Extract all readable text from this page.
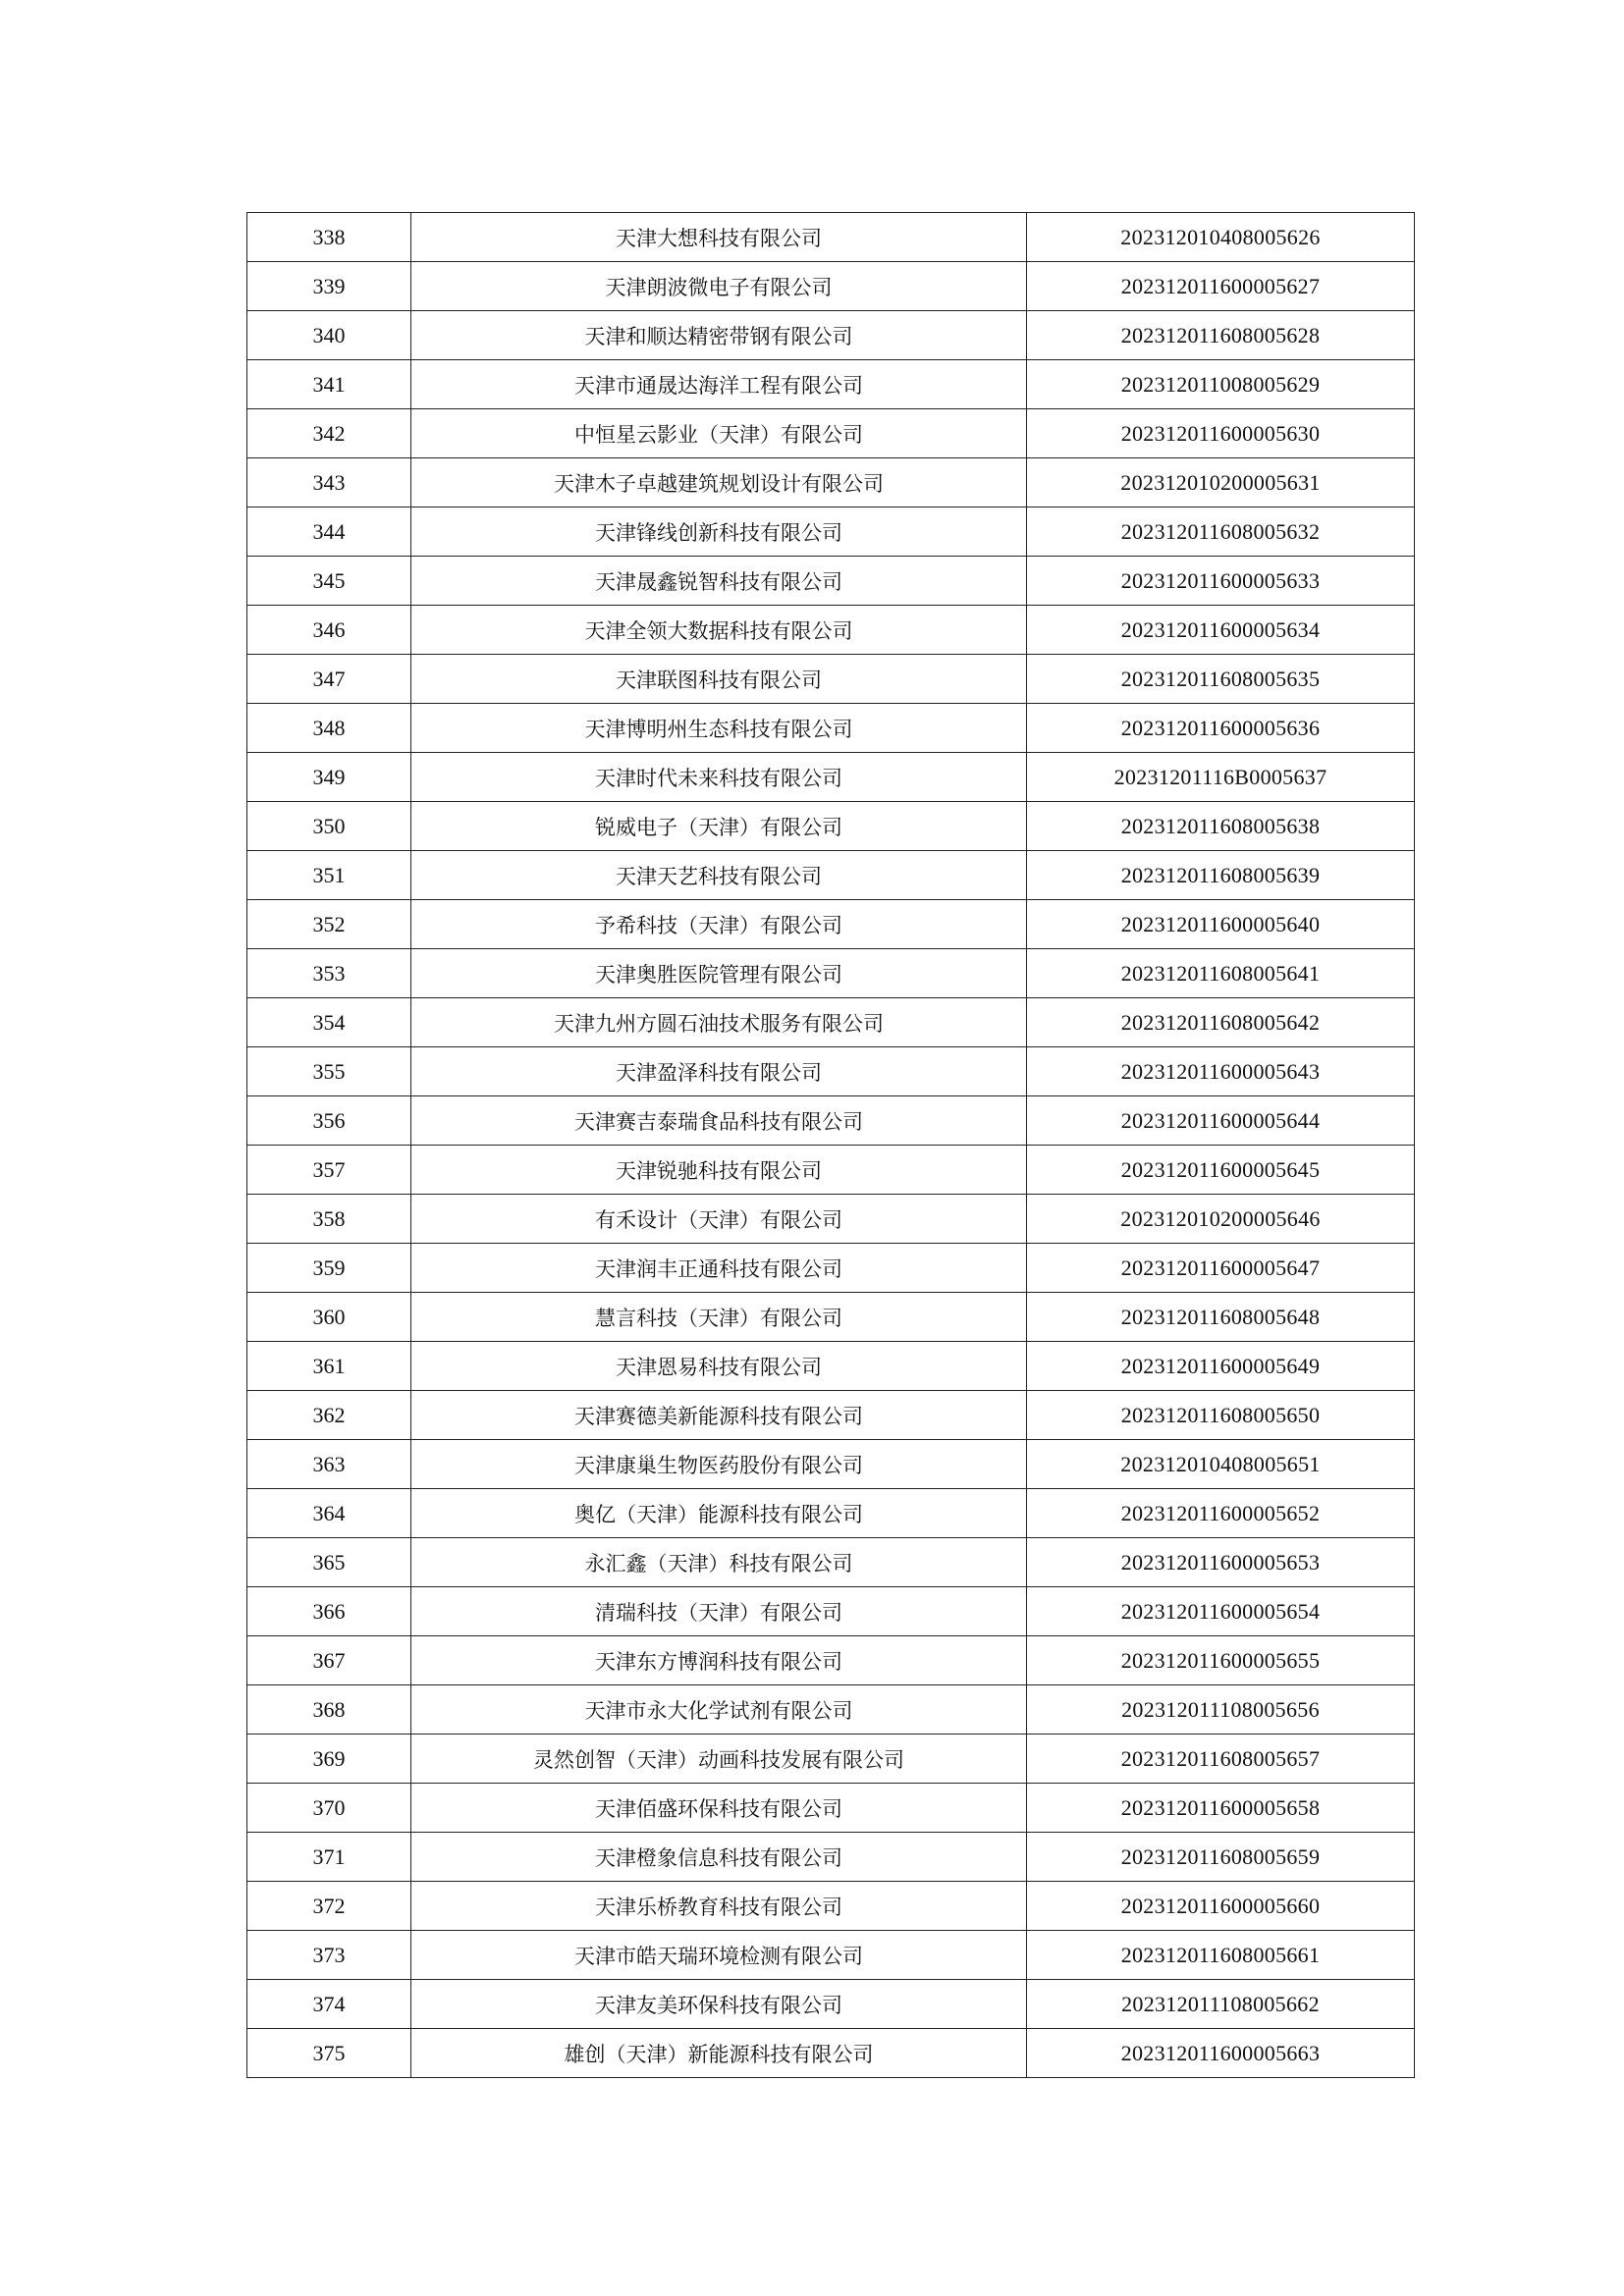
338	天津大想科技有限公司	202312010408005626
339	天津朗波微电子有限公司	202312011600005627
340	天津和顺达精密带钢有限公司	202312011608005628
341	天津市通晟达海洋工程有限公司	202312011008005629
342	中恒星云影业（天津）有限公司	202312011600005630
343	天津木子卓越建筑规划设计有限公司	202312010200005631
344	天津锋线创新科技有限公司	202312011608005632
345	天津晟鑫锐智科技有限公司	202312011600005633
346	天津全领大数据科技有限公司	202312011600005634
347	天津联图科技有限公司	202312011608005635
348	天津博明州生态科技有限公司	202312011600005636
349	天津时代未来科技有限公司	20231201116B0005637
350	锐威电子（天津）有限公司	202312011608005638
351	天津天艺科技有限公司	202312011608005639
352	予希科技（天津）有限公司	202312011600005640
353	天津奥胜医院管理有限公司	202312011608005641
354	天津九州方圆石油技术服务有限公司	202312011608005642
355	天津盈泽科技有限公司	202312011600005643
356	天津赛吉泰瑞食品科技有限公司	202312011600005644
357	天津锐驰科技有限公司	202312011600005645
358	有禾设计（天津）有限公司	202312010200005646
359	天津润丰正通科技有限公司	202312011600005647
360	慧言科技（天津）有限公司	202312011608005648
361	天津恩易科技有限公司	202312011600005649
362	天津赛德美新能源科技有限公司	202312011608005650
363	天津康巢生物医药股份有限公司	202312010408005651
364	奥亿（天津）能源科技有限公司	202312011600005652
365	永汇鑫（天津）科技有限公司	202312011600005653
366	清瑞科技（天津）有限公司	202312011600005654
367	天津东方博润科技有限公司	202312011600005655
368	天津市永大化学试剂有限公司	202312011108005656
369	灵然创智（天津）动画科技发展有限公司	202312011608005657
370	天津佰盛环保科技有限公司	202312011600005658
371	天津橙象信息科技有限公司	202312011608005659
372	天津乐桥教育科技有限公司	202312011600005660
373	天津市皓天瑞环境检测有限公司	202312011608005661
374	天津友美环保科技有限公司	202312011108005662
375	雄创（天津）新能源科技有限公司	202312011600005663
